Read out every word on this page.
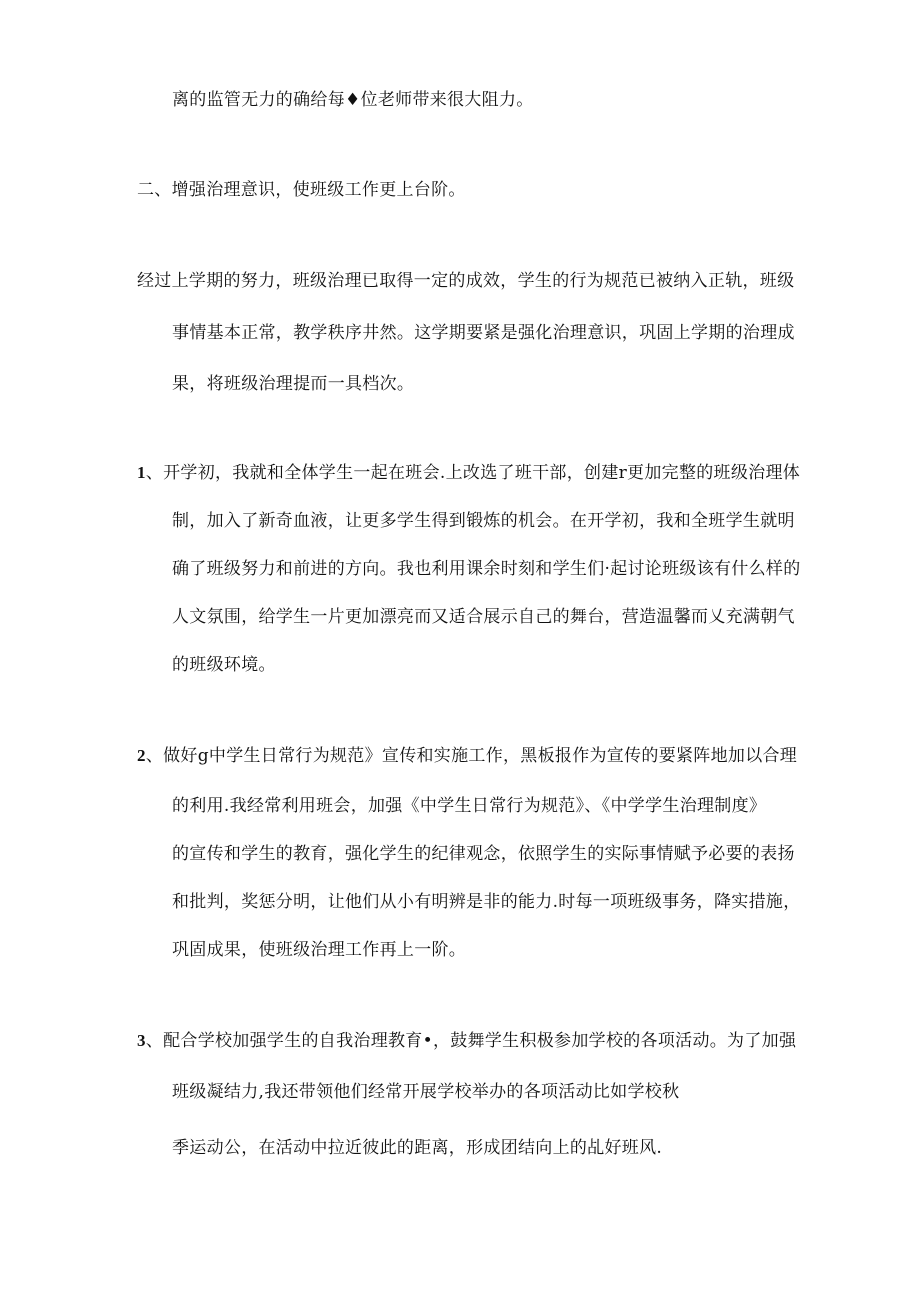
离的监管无力的确给每♦位老师带来很大阻力。
二、增强治理意识，使班级工作更上台阶。
经过上学期的努力，班级治理已取得一定的成效，学生的行为规范已被纳入正轨，班级
事情基本正常，教学秩序井然。这学期要紧是强化治理意识，巩固上学期的治理成
果，将班级治理提而一具档次。
1、开学初，我就和全体学生一起在班会.上改选了班干部，创建r更加完整的班级治理体
制，加入了新奇血液，让更多学生得到锻炼的机会。在开学初，我和全班学生就明
确了班级努力和前进的方向。我也利用课余时刻和学生们·起讨论班级该有什么样的
人文氛围，给学生一片更加漂亮而又适合展示自己的舞台，营造温馨而乂充满朝气
的班级环境。
2、做好g中学生日常行为规范》宣传和实施工作，黑板报作为宣传的要紧阵地加以合理
的利用.我经常利用班会，加强《中学生日常行为规范》、《中学学生治理制度》
的宣传和学生的教育，强化学生的纪律观念，依照学生的实际事情赋予必要的表扬
和批判，奖惩分明，让他们从小有明辨是非的能力.时每一项班级事务，降实措施，
巩固成果，使班级治理工作再上一阶。
3、配合学校加强学生的自我治理教育•，鼓舞学生积极参加学校的各项活动。为了加强
班级凝结力,我还带领他们经常开展学校举办的各项活动比如学校秋
季运动公，在活动中拉近彼此的距离，形成团结向上的乩好班风.
